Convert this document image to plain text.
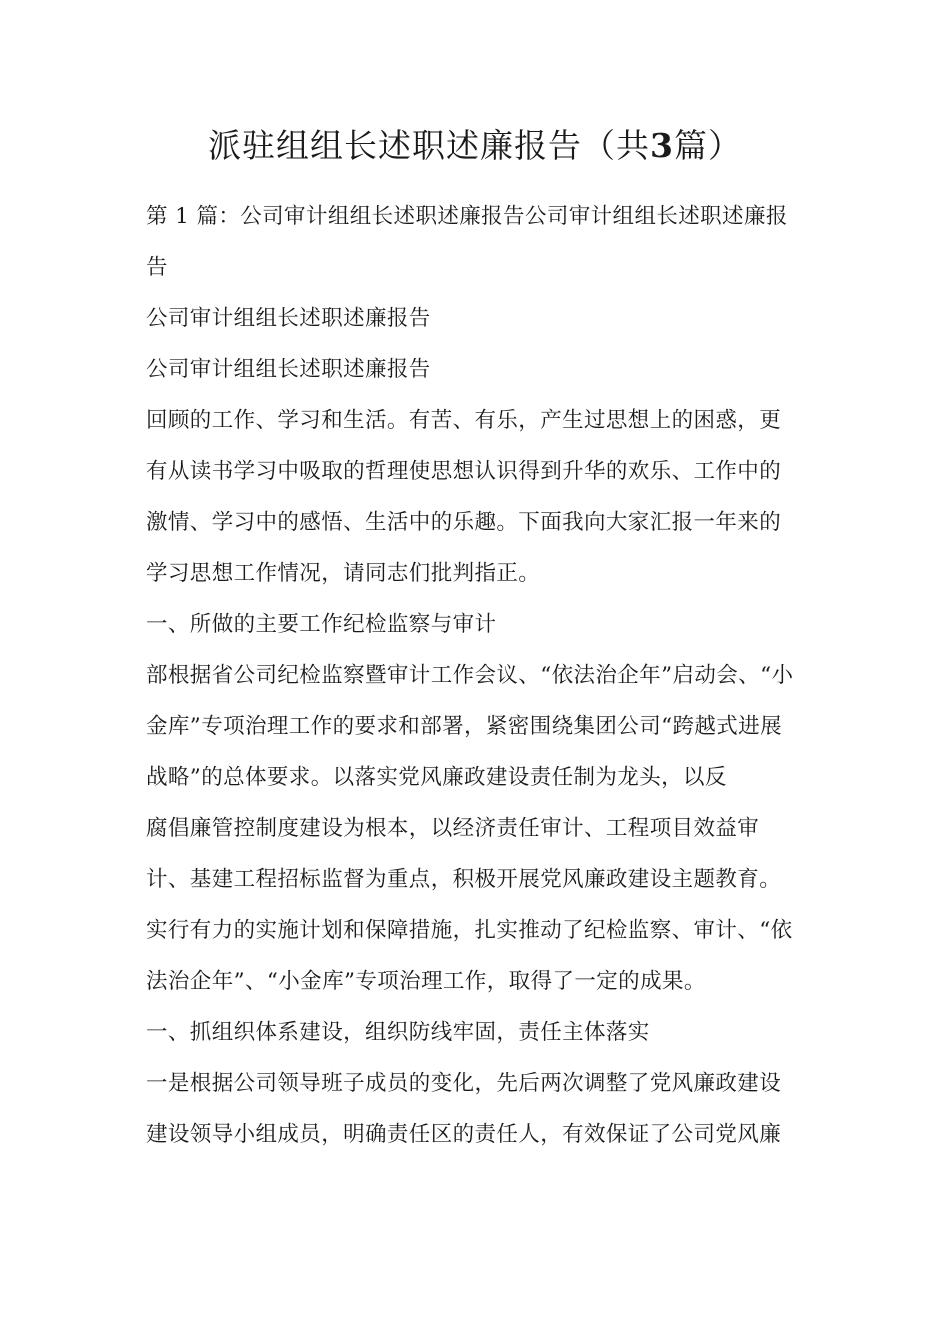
派驻组组长述职述廉报告（共3篇）

第 1 篇：公司审计组组长述职述廉报告公司审计组组长述职述廉报

告

公司审计组组长述职述廉报告

公司审计组组长述职述廉报告

回顾的工作、学习和生活。有苦、有乐，产生过思想上的困惑，更

有从读书学习中吸取的哲理使思想认识得到升华的欢乐、工作中的

激情、学习中的感悟、生活中的乐趣。下面我向大家汇报一年来的

学习思想工作情况，请同志们批判指正。

一、所做的主要工作纪检监察与审计

部根据省公司纪检监察暨审计工作会议、“依法治企年”启动会、“小

金库”专项治理工作的要求和部署，紧密围绕集团公司“跨越式进展

战略”的总体要求。以落实党风廉政建设责任制为龙头，以反

腐倡廉管控制度建设为根本，以经济责任审计、工程项目效益审

计、基建工程招标监督为重点，积极开展党风廉政建设主题教育。

实行有力的实施计划和保障措施，扎实推动了纪检监察、审计、“依

法治企年”、“小金库”专项治理工作，取得了一定的成果。

一、抓组织体系建设，组织防线牢固，责任主体落实

一是根据公司领导班子成员的变化，先后两次调整了党风廉政建设

建设领导小组成员，明确责任区的责任人，有效保证了公司党风廉
